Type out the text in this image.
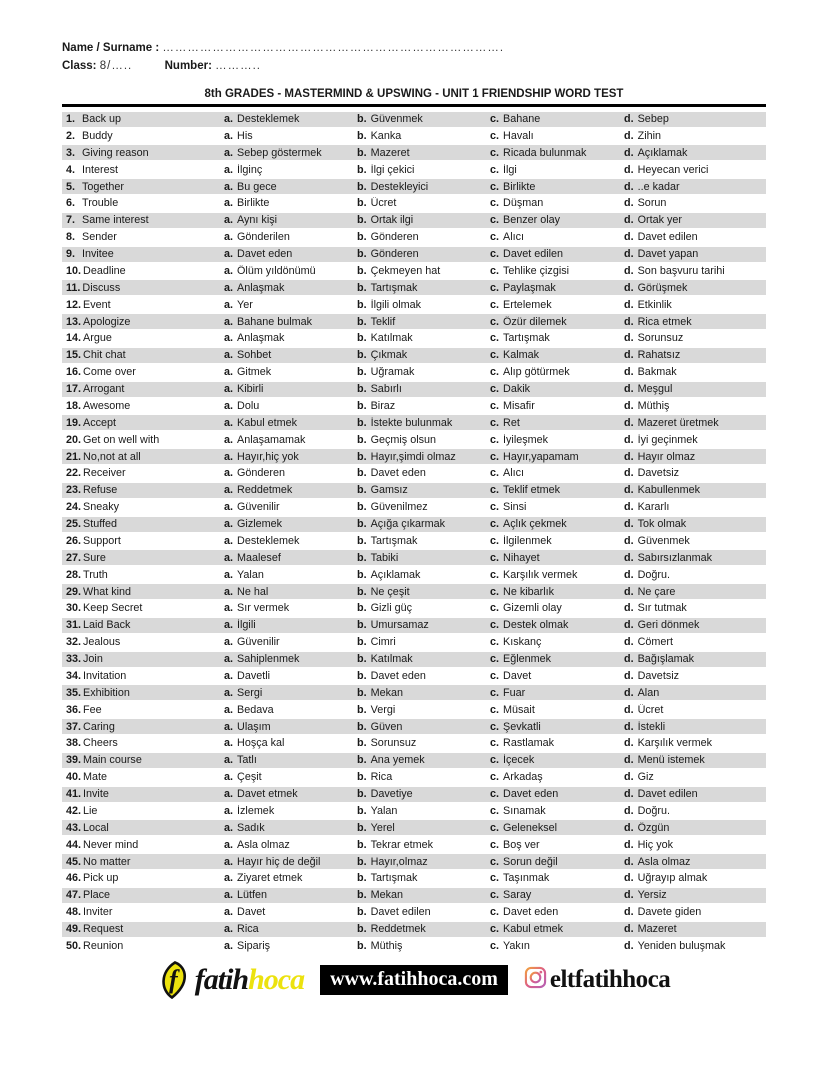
Name / Surname : ……………………………………………………………………….
Class: 8/…..	Number: ………..
8th GRADES - MASTERMIND & UPSWING - UNIT 1 FRIENDSHIP WORD TEST
1. Back up	a. Desteklemek	b. Güvenmek	c. Bahane	d. Sebep
2. Buddy	a. His	b. Kanka	c. Havalı	d. Zihin
3. Giving reason	a. Sebep göstermek	b. Mazeret	c. Ricada bulunmak	d. Açıklamak
4. Interest	a. İlginç	b. İlgi çekici	c. İlgi	d. Heyecan verici
5. Together	a. Bu gece	b. Destekleyici	c. Birlikte	d. ..e kadar
6. Trouble	a. Birlikte	b. Ücret	c. Düşman	d. Sorun
7. Same interest	a. Aynı kişi	b. Ortak ilgi	c. Benzer olay	d. Ortak yer
8. Sender	a. Gönderilen	b. Gönderen	c. Alıcı	d. Davet edilen
9. Invitee	a. Davet eden	b. Gönderen	c. Davet edilen	d. Davet yapan
10. Deadline	a. Ölüm yıldönümü	b. Çekmeyen hat	c. Tehlike çizgisi	d. Son başvuru tarihi
11. Discuss	a. Anlaşmak	b. Tartışmak	c. Paylaşmak	d. Görüşmek
12. Event	a. Yer	b. İlgili olmak	c. Ertelemek	d. Etkinlik
13. Apologize	a. Bahane bulmak	b. Teklif	c. Özür dilemek	d. Rica etmek
14. Argue	a. Anlaşmak	b. Katılmak	c. Tartışmak	d. Sorunsuz
15. Chit chat	a. Sohbet	b. Çıkmak	c. Kalmak	d. Rahatsız
16. Come over	a. Gitmek	b. Uğramak	c. Alıp götürmek	d. Bakmak
17. Arrogant	a. Kibirli	b. Sabırlı	c. Dakik	d. Meşgul
18. Awesome	a. Dolu	b. Biraz	c. Misafir	d. Müthiş
19. Accept	a. Kabul etmek	b. İstekte bulunmak	c. Ret	d. Mazeret üretmek
20. Get on well with	a. Anlaşamamak	b. Geçmiş olsun	c. İyileşmek	d. İyi geçinmek
21. No,not at all	a. Hayır,hiç yok	b. Hayır,şimdi olmaz	c. Hayır,yapamam	d. Hayır olmaz
22. Receiver	a. Gönderen	b. Davet eden	c. Alıcı	d. Davetsiz
23. Refuse	a. Reddetmek	b. Gamsız	c. Teklif etmek	d. Kabullenmek
24. Sneaky	a. Güvenilir	b. Güvenilmez	c. Sinsi	d. Kararlı
25. Stuffed	a. Gizlemek	b. Açığa çıkarmak	c. Açlık çekmek	d. Tok olmak
26. Support	a. Desteklemek	b. Tartışmak	c. İlgilenmek	d. Güvenmek
27. Sure	a. Maalesef	b. Tabiki	c. Nihayet	d. Sabırsızlanmak
28. Truth	a. Yalan	b. Açıklamak	c. Karşılık vermek	d. Doğru.
29. What kind	a. Ne hal	b. Ne çeşit	c. Ne kibarlık	d. Ne çare
30. Keep Secret	a. Sır vermek	b. Gizli güç	c. Gizemli olay	d. Sır tutmak
31. Laid Back	a. İlgili	b. Umursamaz	c. Destek olmak	d. Geri dönmek
32. Jealous	a. Güvenilir	b. Cimri	c. Kıskanç	d. Cömert
33. Join	a. Sahiplenmek	b. Katılmak	c. Eğlenmek	d. Bağışlamak
34. Invitation	a. Davetli	b. Davet eden	c. Davet	d. Davetsiz
35. Exhibition	a. Sergi	b. Mekan	c. Fuar	d. Alan
36. Fee	a. Bedava	b. Vergi	c. Müsait	d. Ücret
37. Caring	a. Ulaşım	b. Güven	c. Şevkatli	d. İstekli
38. Cheers	a. Hoşça kal	b. Sorunsuz	c. Rastlamak	d. Karşılık vermek
39. Main course	a. Tatlı	b. Ana yemek	c. İçecek	d. Menü istemek
40. Mate	a. Çeşit	b. Rica	c. Arkadaş	d. Giz
41. Invite	a. Davet etmek	b. Davetiye	c. Davet eden	d. Davet edilen
42. Lie	a. İzlemek	b. Yalan	c. Sınamak	d. Doğru.
43. Local	a. Sadık	b. Yerel	c. Geleneksel	d. Özgün
44. Never mind	a. Asla olmaz	b. Tekrar etmek	c. Boş ver	d. Hiç yok
45. No matter	a. Hayır hiç de değil	b. Hayır,olmaz	c. Sorun değil	d. Asla olmaz
46. Pick up	a. Ziyaret etmek	b. Tartışmak	c. Taşınmak	d. Uğrayıp almak
47. Place	a. Lütfen	b. Mekan	c. Saray	d. Yersiz
48. Inviter	a. Davet	b. Davet edilen	c. Davet eden	d. Davete giden
49. Request	a. Rica	b. Reddetmek	c. Kabul etmek	d. Mazeret
50. Reunion	a. Sipariş	b. Müthiş	c. Yakın	d. Yeniden buluşmak
f fatihhoca	www.fatihhoca.com	eltfatihhoca
